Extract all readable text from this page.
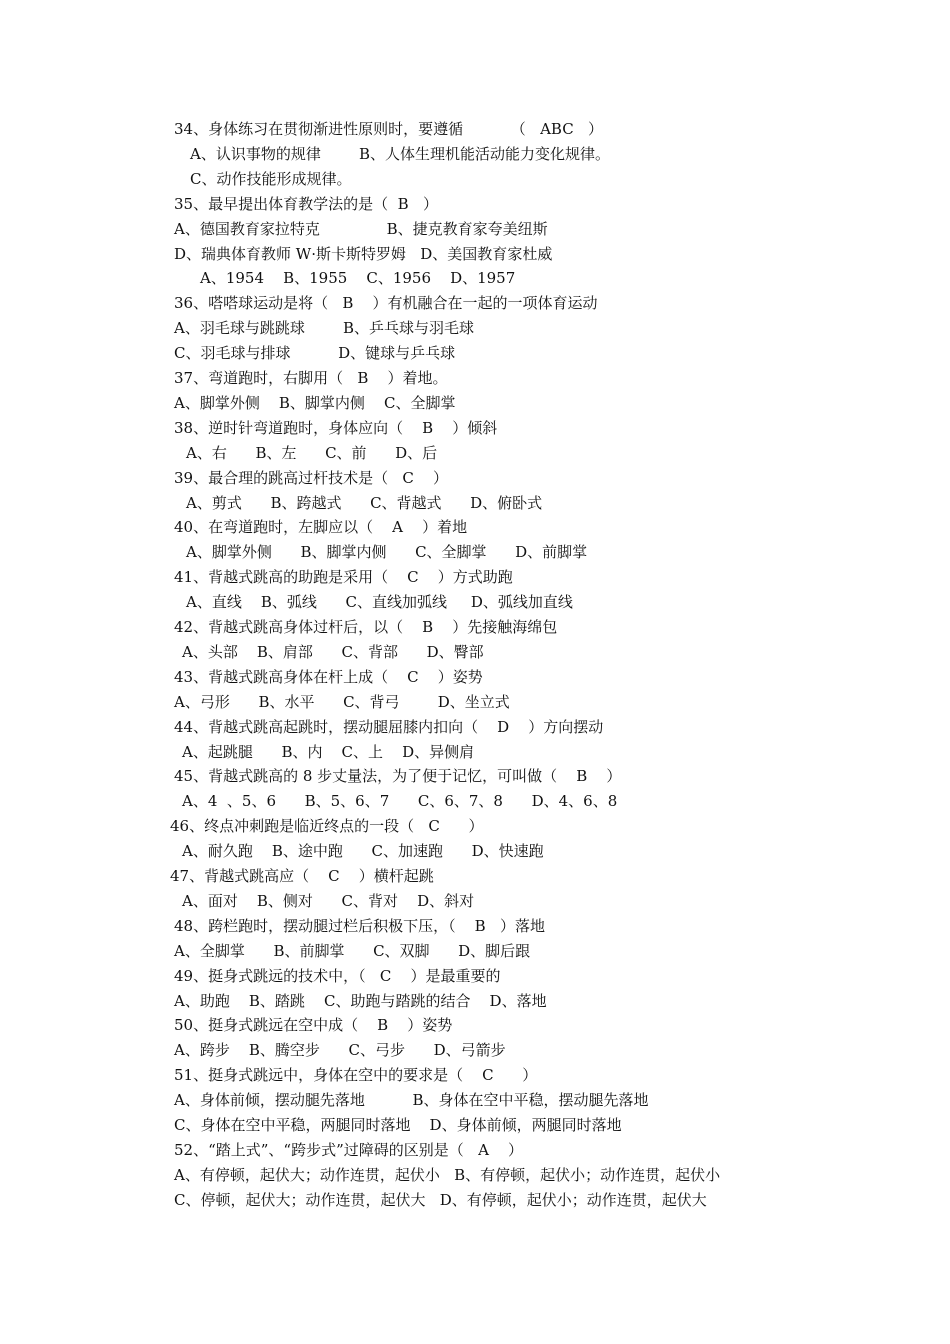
34、身体练习在贯彻渐进性原则时，要遵循          （   ABC   ）
A、认识事物的规律        B、人体生理机能活动能力变化规律。
C、动作技能形成规律。
35、最早提出体育教学法的是（  B   ）
A、德国教育家拉特克              B、捷克教育家夸美纽斯
D、瑞典体育教师 W·斯卡斯特罗姆   D、美国教育家杜威
A、1954    B、1955    C、1956    D、1957
36、嗒嗒球运动是将（   B    ）有机融合在一起的一项体育运动
A、羽毛球与跳跳球        B、乒乓球与羽毛球
C、羽毛球与排球          D、键球与乒乓球
37、弯道跑时，右脚用（   B    ）着地。
A、脚掌外侧    B、脚掌内侧    C、全脚掌
38、逆时针弯道跑时，身体应向（    B    ）倾斜
A、右      B、左      C、前      D、后
39、最合理的跳高过杆技术是（   C    ）
A、剪式      B、跨越式      C、背越式      D、俯卧式
40、在弯道跑时，左脚应以（    A    ）着地
A、脚掌外侧      B、脚掌内侧      C、全脚掌      D、前脚掌
41、背越式跳高的助跑是采用（    C    ）方式助跑
A、直线    B、弧线      C、直线加弧线     D、弧线加直线
42、背越式跳高身体过杆后，以（    B    ）先接触海绵包
A、头部    B、肩部      C、背部      D、臀部
43、背越式跳高身体在杆上成（    C    ）姿势
A、弓形      B、水平      C、背弓        D、坐立式
44、背越式跳高起跳时，摆动腿屈膝内扣向（    D    ）方向摆动
A、起跳腿      B、内    C、上    D、异侧肩
45、背越式跳高的 8 步丈量法，为了便于记忆，可叫做（    B    ）
A、4  、5、6      B、5、6、7      C、6、7、8      D、4、6、8
46、终点冲刺跑是临近终点的一段（   C      ）
A、耐久跑    B、途中跑      C、加速跑      D、快速跑
47、背越式跳高应（    C    ）横杆起跳
A、面对    B、侧对      C、背对    D、斜对
48、跨栏跑时，摆动腿过栏后积极下压，（    B   ）落地
A、全脚掌      B、前脚掌      C、双脚      D、脚后跟
49、挺身式跳远的技术中，（   C    ）是最重要的
A、助跑    B、踏跳    C、助跑与踏跳的结合    D、落地
50、挺身式跳远在空中成（    B    ）姿势
A、跨步    B、腾空步      C、弓步      D、弓箭步
51、挺身式跳远中，身体在空中的要求是（    C      ）
A、身体前倾，摆动腿先落地          B、身体在空中平稳，摆动腿先落地
C、身体在空中平稳，两腿同时落地    D、身体前倾，两腿同时落地
52、“踏上式”、“跨步式”过障碍的区别是（   A    ）
A、有停顿，起伏大；动作连贯，起伏小   B、有停顿，起伏小；动作连贯，起伏小
C、停顿，起伏大；动作连贯，起伏大   D、有停顿，起伏小；动作连贯，起伏大
